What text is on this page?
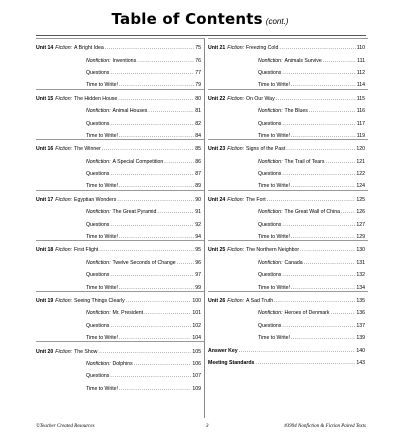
Table of Contents (cont.)
Unit 14 Fiction: A Bright Idea .....	75
Nonfiction: Inventions .....	76
Questions .....	77
Time to Write! .....	79
Unit 15 Fiction: The Hidden House .....	80
Nonfiction: Animal Houses .....	81
Questions .....	82
Time to Write! .....	84
Unit 16 Fiction: The Winner .....	85
Nonfiction: A Special Competition .....	86
Questions .....	87
Time to Write! .....	89
Unit 17 Fiction: Egyptian Wonders .....	90
Nonfiction: The Great Pyramid .....	91
Questions .....	92
Time to Write! .....	94
Unit 18 Fiction: First Flight .....	95
Nonfiction: Twelve Seconds of Change .....	96
Questions .....	97
Time to Write! .....	99
Unit 19 Fiction: Seeing Things Clearly .....	100
Nonfiction: Mr. President .....	101
Questions .....	102
Time to Write! .....	104
Unit 20 Fiction: The Show .....	105
Nonfiction: Dolphins .....	106
Questions .....	107
Time to Write! .....	109
Unit 21 Fiction: Freezing Cold .....	110
Nonfiction: Animals Survive .....	111
Questions .....	112
Time to Write! .....	114
Unit 22 Fiction: On Our Way .....	115
Nonfiction: The Blues .....	116
Questions .....	117
Time to Write! .....	119
Unit 23 Fiction: Signs of the Past .....	120
Nonfiction: The Trail of Tears .....	121
Questions .....	122
Time to Write! .....	124
Unit 24 Fiction: The Fort .....	125
Nonfiction: The Great Wall of China .....	126
Questions .....	127
Time to Write! .....	129
Unit 25 Fiction: The Northern Neighbor .....	130
Nonfiction: Canada .....	131
Questions .....	132
Time to Write! .....	134
Unit 26 Fiction: A Sad Truth .....	135
Nonfiction: Heroes of Denmark .....	136
Questions .....	137
Time to Write! .....	139
Answer Key .....	140
Meeting Standards .....	143
©Teacher Created Resources	3	#3994 Nonfiction & Fiction Paired Texts
